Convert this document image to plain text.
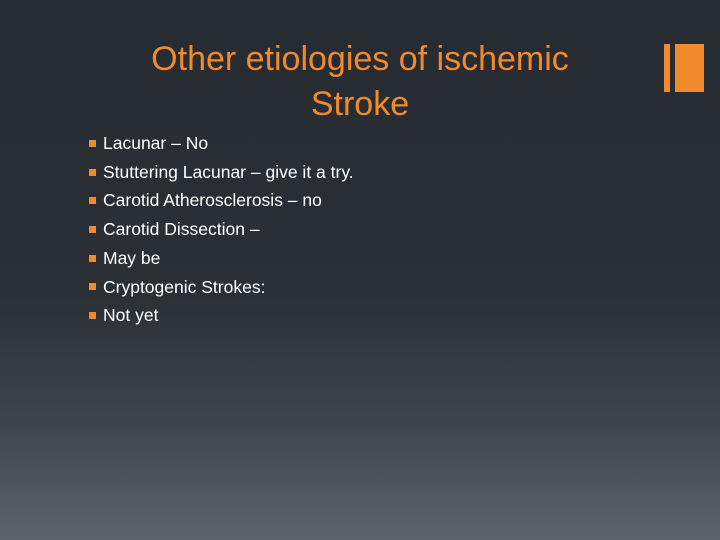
Other etiologies of ischemic
Stroke
Lacunar – No
Stuttering Lacunar – give it a try.
Carotid Atherosclerosis – no
Carotid Dissection –
May be
Cryptogenic Strokes:
Not yet
